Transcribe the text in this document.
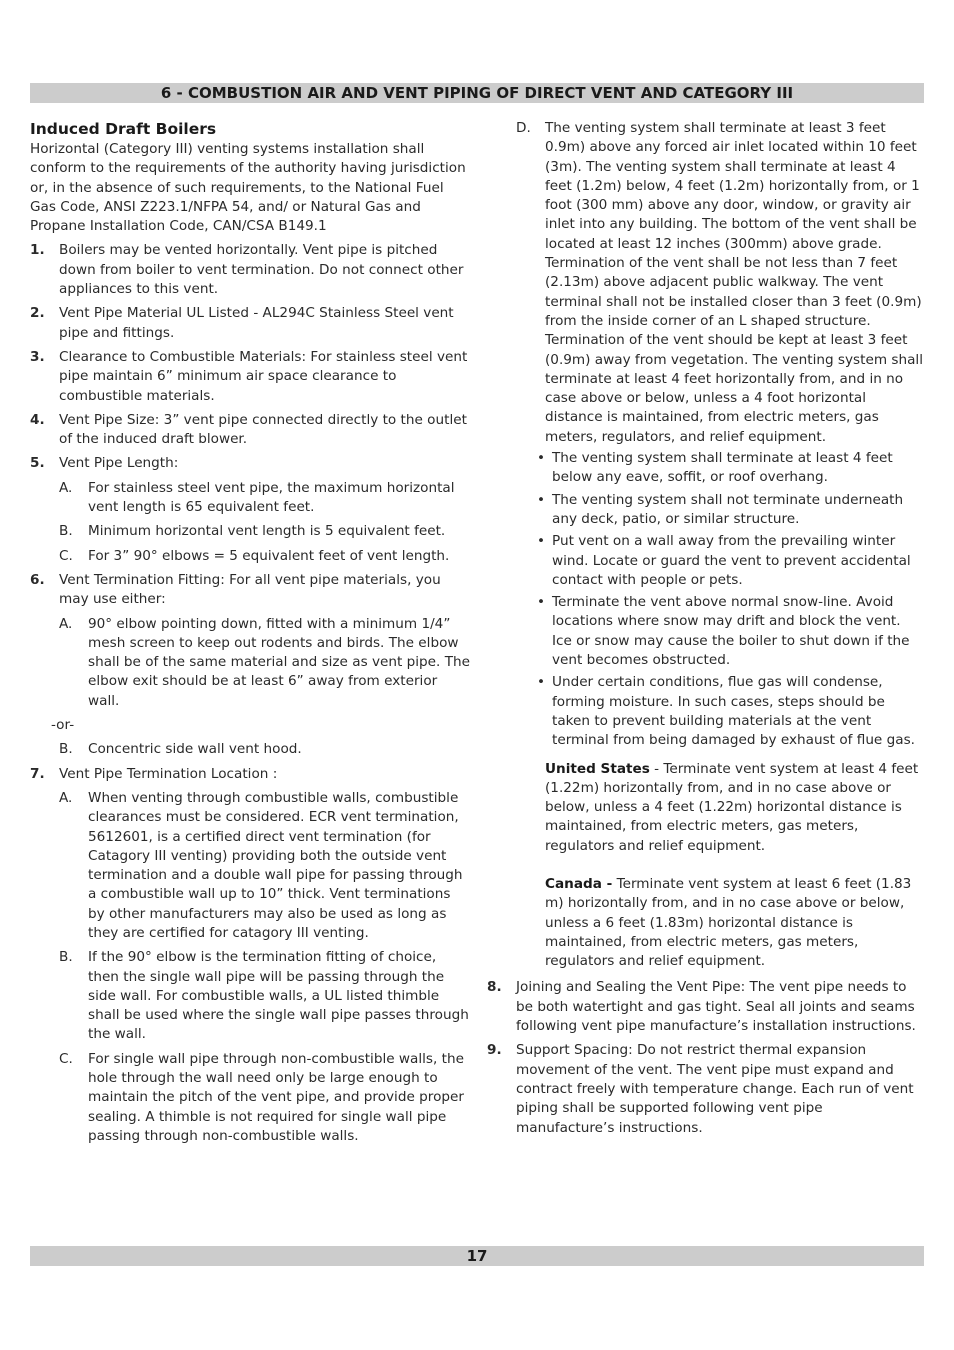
6 - COMBUSTION AIR AND VENT PIPING OF DIRECT VENT AND CATEGORY III

Induced Draft Boilers

Horizontal (Category III) venting systems installation shall conform to the requirements of the authority having jurisdiction or, in the absence of such requirements, to the National Fuel Gas Code, ANSI Z223.1/NFPA 54, and/ or Natural Gas and Propane Installation Code, CAN/CSA B149.1

1. Boilers may be vented horizontally. Vent pipe is pitched down from boiler to vent termination. Do not connect other appliances to this vent.
2. Vent Pipe Material UL Listed - AL294C Stainless Steel vent pipe and fittings.
3. Clearance to Combustible Materials: For stainless steel vent pipe maintain 6” minimum air space clearance to combustible materials.
4. Vent Pipe Size: 3” vent pipe connected directly to the outlet of the induced draft blower.
5. Vent Pipe Length:
A. For stainless steel vent pipe, the maximum horizontal vent length is 65 equivalent feet.
B. Minimum horizontal vent length is 5 equivalent feet.
C. For 3” 90° elbows = 5 equivalent feet of vent length.
6. Vent Termination Fitting: For all vent pipe materials, you may use either:
A. 90° elbow pointing down, fitted with a minimum 1/4” mesh screen to keep out rodents and birds. The elbow shall be of the same material and size as vent pipe. The elbow exit should be at least 6” away from exterior wall.
-or-
B. Concentric side wall vent hood.
7. Vent Pipe Termination Location :
A. When venting through combustible walls, combustible clearances must be considered. ECR vent termination, 5612601, is a certified direct vent termination (for Catagory III venting) providing both the outside vent termination and a double wall pipe for passing through a combustible wall up to 10” thick. Vent terminations by other manufacturers may also be used as long as they are certified for catagory III venting.
B. If the 90° elbow is the termination fitting of choice, then the single wall pipe will be passing through the side wall. For combustible walls, a UL listed thimble shall be used where the single wall pipe passes through the wall.
C. For single wall pipe through non-combustible walls, the hole through the wall need only be large enough to maintain the pitch of the vent pipe, and provide proper sealing. A thimble is not required for single wall pipe passing through non-combustible walls.
D. The venting system shall terminate at least 3 feet 0.9m) above any forced air inlet located within 10 feet (3m). The venting system shall terminate at least 4 feet (1.2m) below, 4 feet (1.2m) horizontally from, or 1 foot (300 mm) above any door, window, or gravity air inlet into any building. The bottom of the vent shall be located at least 12 inches (300mm) above grade. Termination of the vent shall be not less than 7 feet (2.13m) above adjacent public walkway. The vent terminal shall not be installed closer than 3 feet (0.9m) from the inside corner of an L shaped structure. Termination of the vent should be kept at least 3 feet (0.9m) away from vegetation. The venting system shall terminate at least 4 feet horizontally from, and in no case above or below, unless a 4 foot horizontal distance is maintained, from electric meters, gas meters, regulators, and relief equipment.
• The venting system shall terminate at least 4 feet below any eave, soffit, or roof overhang.
• The venting system shall not terminate underneath any deck, patio, or similar structure.
• Put vent on a wall away from the prevailing winter wind. Locate or guard the vent to prevent accidental contact with people or pets.
• Terminate the vent above normal snow-line. Avoid locations where snow may drift and block the vent. Ice or snow may cause the boiler to shut down if the vent becomes obstructed.
• Under certain conditions, flue gas will condense, forming moisture. In such cases, steps should be taken to prevent building materials at the vent terminal from being damaged by exhaust of flue gas.

United States - Terminate vent system at least 4 feet (1.22m) horizontally from, and in no case above or below, unless a 4 feet (1.22m) horizontal distance is maintained, from electric meters, gas meters, regulators and relief equipment.

Canada - Terminate vent system at least 6 feet (1.83 m) horizontally from, and in no case above or below, unless a 6 feet (1.83m) horizontal distance is maintained, from electric meters, gas meters, regulators and relief equipment.

8. Joining and Sealing the Vent Pipe: The vent pipe needs to be both watertight and gas tight. Seal all joints and seams following vent pipe manufacture’s installation instructions.
9. Support Spacing: Do not restrict thermal expansion movement of the vent. The vent pipe must expand and contract freely with temperature change. Each run of vent piping shall be supported following vent pipe manufacture’s instructions.
17
